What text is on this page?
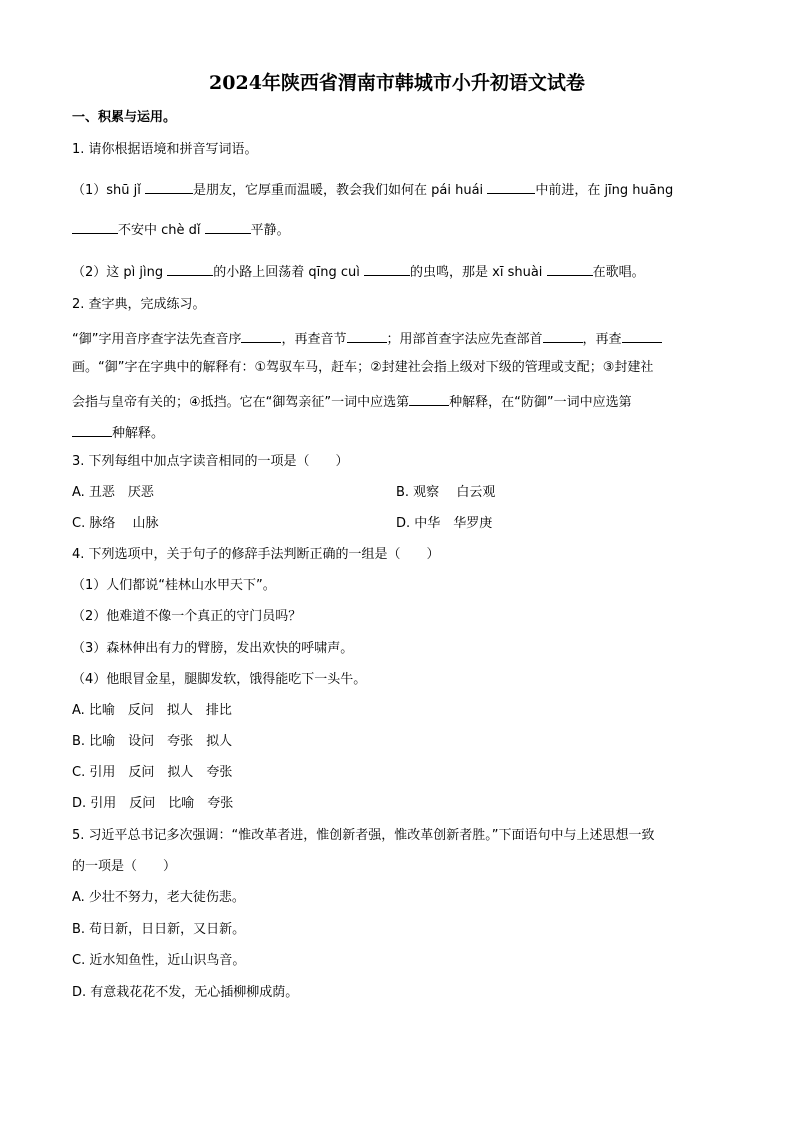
2024年陕西省渭南市韩城市小升初语文试卷
一、积累与运用。
1. 请你根据语境和拼音写词语。
（1）shū jǐ	是朋友，它厚重而温暖，教会我们如何在 pái huái	中前进，在 jīng huāng
不安中 chè dǐ	平静。
（2）这 pì jìng	的小路上回荡着 qīng cuì	的虫鸣，那是 xī shuài	在歌唱。
2. 查字典，完成练习。
“御”字用音序查字法先查音序	，再查音节	；用部首查字法应先查部首	，再查
画。“御”字在字典中的解释有：①驾驭车马，赶车；②封建社会指上级对下级的管理或支配；③封建社
会指与皇帝有关的；④抵挡。它在“御驾亲征”一词中应选第	种解释，在“防御”一词中应选第
种解释。
3. 下列每组中加点字读音相同的一项是（　　）
A. 丑恶　厌恶	B. 观察　 白云观
C. 脉络　 山脉	D. 中华　华罗庚
4. 下列选项中，关于句子的修辞手法判断正确的一组是（　　）
（1）人们都说“桂林山水甲天下”。
（2）他难道不像一个真正的守门员吗？
（3）森林伸出有力的臂膀，发出欢快的呼啸声。
（4）他眼冒金星，腿脚发软，饿得能吃下一头牛。
A. 比喻　反问　拟人　排比
B. 比喻　设问　夸张　拟人
C. 引用　反问　拟人　夸张
D. 引用　反问　比喻　夸张
5. 习近平总书记多次强调：“惟改革者进，惟创新者强，惟改革创新者胜。”下面语句中与上述思想一致
的一项是（　　）
A. 少壮不努力，老大徒伤悲。
B. 苟日新，日日新，又日新。
C. 近水知鱼性，近山识鸟音。
D. 有意栽花花不发，无心插柳柳成荫。
